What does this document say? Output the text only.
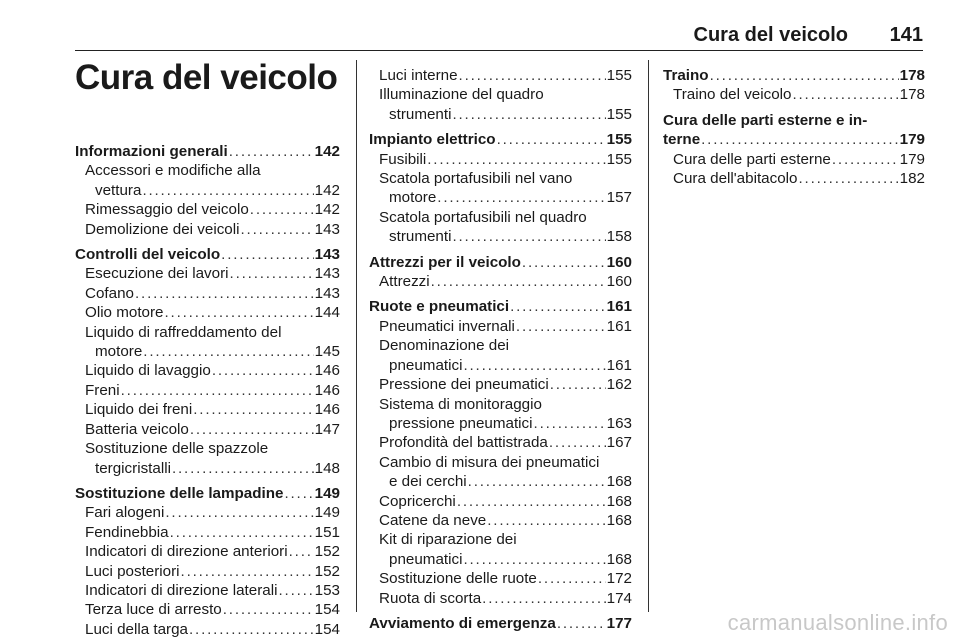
Cura del veicolo 141
Cura del veicolo
Informazioni generali . . .	142
Accessori e modifiche alla
vettura . . .	142
Rimessaggio del veicolo . . .	142
Demolizione dei veicoli . . .	143
Controlli del veicolo . . .	143
Esecuzione dei lavori . . .	143
Cofano . . .	143
Olio motore . . .	144
Liquido di raffreddamento del
motore . . .	145
Liquido di lavaggio . . .	146
Freni . . .	146
Liquido dei freni . . .	146
Batteria veicolo . . .	147
Sostituzione delle spazzole
tergicristalli . . .	148
Sostituzione delle lampadine . . . 149
Fari alogeni . . .	149
Fendinebbia . . .	151
Indicatori di direzione anteriori . . . 152
Luci posteriori . . .	152
Indicatori di direzione laterali . . . 153
Terza luce di arresto . . .	154
Luci della targa . . .	154
Luci interne . . .	155
Illuminazione del quadro
strumenti . . .	155
Impianto elettrico . . .	155
Fusibili . . .	155
Scatola portafusibili nel vano
motore . . .	157
Scatola portafusibili nel quadro
strumenti . . .	158
Attrezzi per il veicolo . . .	160
Attrezzi . . .	160
Ruote e pneumatici . . .	161
Pneumatici invernali . . .	161
Denominazione dei
pneumatici . . .	161
Pressione dei pneumatici . . .	162
Sistema di monitoraggio
pressione pneumatici . . .	163
Profondità del battistrada . . .	167
Cambio di misura dei pneumatici
e dei cerchi . . .	168
Copricerchi . . .	168
Catene da neve . . .	168
Kit di riparazione dei
pneumatici . . .	168
Sostituzione delle ruote . . .	172
Ruota di scorta . . .	174
Avviamento di emergenza . . .	177
Traino . . .	178
Traino del veicolo . . .	178
Cura delle parti esterne e in-
terne . . .	179
Cura delle parti esterne . . .	179
Cura dell'abitacolo . . .	182
carmanualsonline.info
